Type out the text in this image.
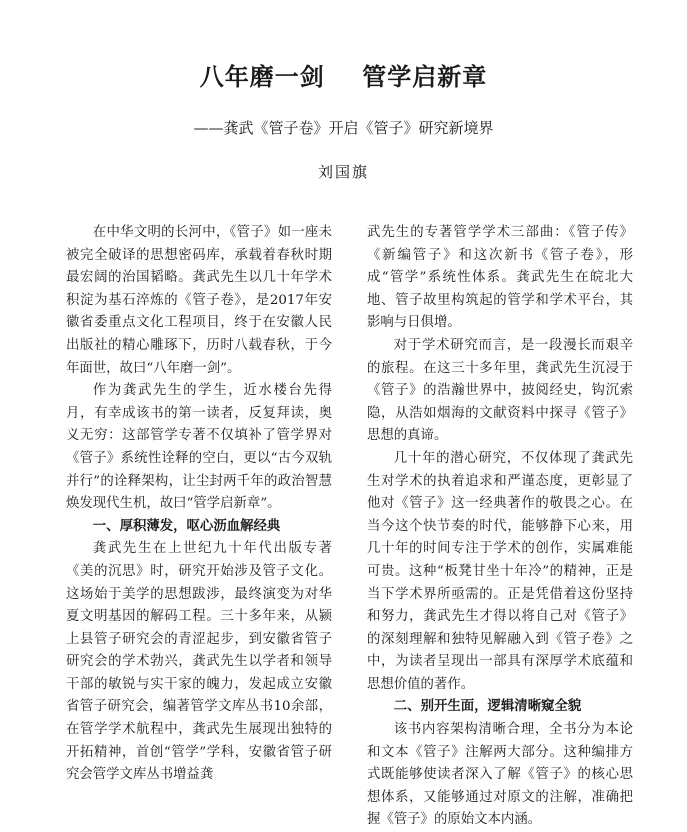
八年磨一剑    管学启新章
——龚武《管子卷》开启《管子》研究新境界
刘国旗

在中华文明的长河中，《管子》如一座未被完全破译的思想密码库，承载着春秋时期最宏阔的治国韬略。龚武先生以几十年学术积淀为基石淬炼的《管子卷》，是2017年安徽省委重点文化工程项目，终于在安徽人民出版社的精心雕琢下，历时八载春秋，于今年面世，故曰“八年磨一剑”。

作为龚武先生的学生，近水楼台先得月，有幸成该书的第一读者，反复拜读，奥义无穷：这部管学专著不仅填补了管学界对《管子》系统性诠释的空白，更以“古今双轨并行”的诠释架构，让尘封两千年的政治智慧焕发现代生机，故曰“管学启新章”。

一、厚积薄发，呕心沥血解经典

龚武先生在上世纪九十年代出版专著《美的沉思》时，研究开始涉及管子文化。这场始于美学的思想跋涉，最终演变为对华夏文明基因的解码工程。三十多年来，从颍上县管子研究会的青涩起步，到安徽省管子研究会的学术勃兴，龚武先生以学者和领导干部的敏锐与实干家的魄力，发起成立安徽省管子研究会，编著管学文库丛书10余部，在管学学术航程中，龚武先生展现出独特的开拓精神，首创“管学”学科，安徽省管子研究会管学文库丛书增益龚

武先生的专著管学学术三部曲：《管子传》《新编管子》和这次新书《管子卷》，形成“管学”系统性体系。龚武先生在皖北大地、管子故里构筑起的管学和学术平台，其影响与日俱增。

对于学术研究而言，是一段漫长而艰辛的旅程。在这三十多年里，龚武先生沉浸于《管子》的浩瀚世界中，披阅经史，钩沉索隐，从浩如烟海的文献资料中探寻《管子》思想的真谛。

几十年的潜心研究，不仅体现了龚武先生对学术的执着追求和严谨态度，更彰显了他对《管子》这一经典著作的敬畏之心。在当今这个快节奏的时代，能够静下心来，用几十年的时间专注于学术的创作，实属难能可贵。这种“板凳甘坐十年冷”的精神，正是当下学术界所亟需的。正是凭借着这份坚持和努力，龚武先生才得以将自己对《管子》的深刻理解和独特见解融入到《管子卷》之中，为读者呈现出一部具有深厚学术底蕴和思想价值的著作。

二、别开生面，逻辑清晰窥全貌

该书内容架构清晰合理，全书分为本论和文本《管子》注解两大部分。这种编排方式既能够使读者深入了解《管子》的核心思想体系，又能够通过对原文的注解，准确把握《管子》的原始文本内涵。
